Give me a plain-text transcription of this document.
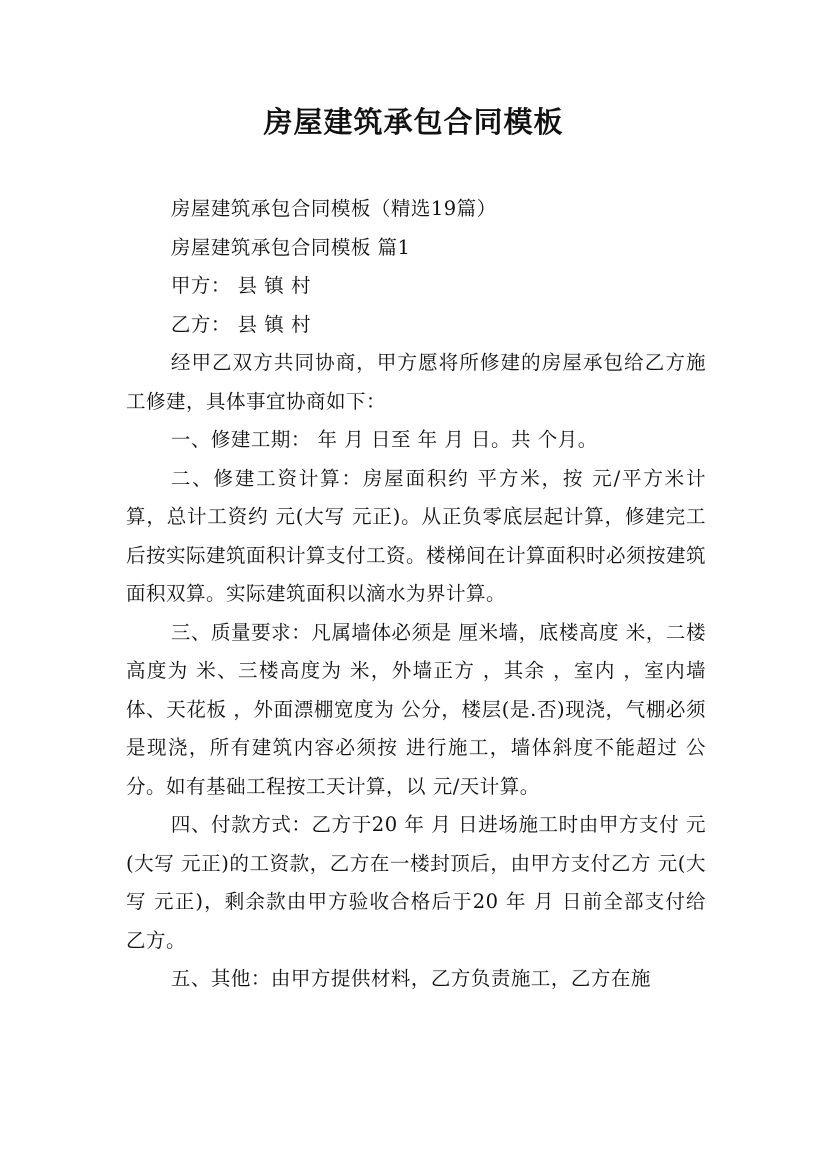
房屋建筑承包合同模板

房屋建筑承包合同模板（精选19篇）

房屋建筑承包合同模板 篇1

甲方： 县 镇 村

乙方： 县 镇 村

经甲乙双方共同协商，甲方愿将所修建的房屋承包给乙方施工修建，具体事宜协商如下：

一、修建工期： 年 月 日至 年 月 日。共 个月。

二、修建工资计算：房屋面积约 平方米，按 元/平方米计算，总计工资约 元(大写 元正)。从正负零底层起计算，修建完工后按实际建筑面积计算支付工资。楼梯间在计算面积时必须按建筑面积双算。实际建筑面积以滴水为界计算。

三、质量要求：凡属墙体必须是 厘米墙，底楼高度 米，二楼高度为 米、三楼高度为 米，外墙正方 ，其余 ，室内 ，室内墙体、天花板 ，外面漂棚宽度为 公分，楼层(是.否)现浇，气棚必须是现浇，所有建筑内容必须按 进行施工，墙体斜度不能超过 公分。如有基础工程按工天计算，以 元/天计算。

四、付款方式：乙方于20 年 月 日进场施工时由甲方支付 元(大写 元正)的工资款，乙方在一楼封顶后，由甲方支付乙方 元(大写 元正)，剩余款由甲方验收合格后于20 年 月 日前全部支付给乙方。

五、其他：由甲方提供材料，乙方负责施工，乙方在施
